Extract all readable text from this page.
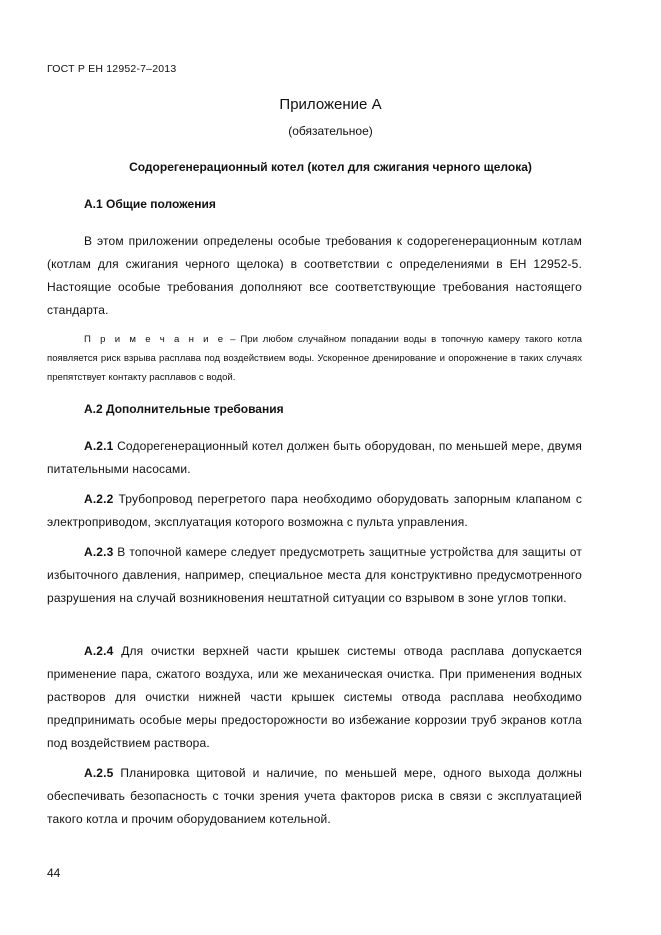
ГОСТ Р ЕН 12952-7–2013
Приложение А
(обязательное)
Содорегенерационный котел (котел для сжигания черного щелока)
А.1 Общие положения

В этом приложении определены особые требования к содорегенерационным котлам (котлам для сжигания черного щелока) в соответствии с определениями в ЕН 12952-5. Настоящие особые требования дополняют все соответствующие требования настоящего стандарта.

П р и м е ч а н и е – При любом случайном попадании воды в топочную камеру такого котла появляется риск взрыва расплава под воздействием воды. Ускоренное дренирование и опорожнение в таких случаях препятствует контакту расплавов с водой.

А.2 Дополнительные требования

А.2.1 Содорегенерационный котел должен быть оборудован, по меньшей мере, двумя питательными насосами.

А.2.2 Трубопровод перегретого пара необходимо оборудовать запорным клапаном с электроприводом, эксплуатация которого возможна с пульта управления.

А.2.3 В топочной камере следует предусмотреть защитные устройства для защиты от избыточного давления, например, специальное места для конструктивно предусмотренного разрушения на случай возникновения нештатной ситуации со взрывом в зоне углов топки.

А.2.4 Для очистки верхней части крышек системы отвода расплава допускается применение пара, сжатого воздуха, или же механическая очистка. При применения водных растворов для очистки нижней части крышек системы отвода расплава необходимо предпринимать особые меры предосторожности во избежание коррозии труб экранов котла под воздействием раствора.

А.2.5 Планировка щитовой и наличие, по меньшей мере, одного выхода должны обеспечивать безопасность с точки зрения учета факторов риска в связи с эксплуатацией такого котла и прочим оборудованием котельной.

44
